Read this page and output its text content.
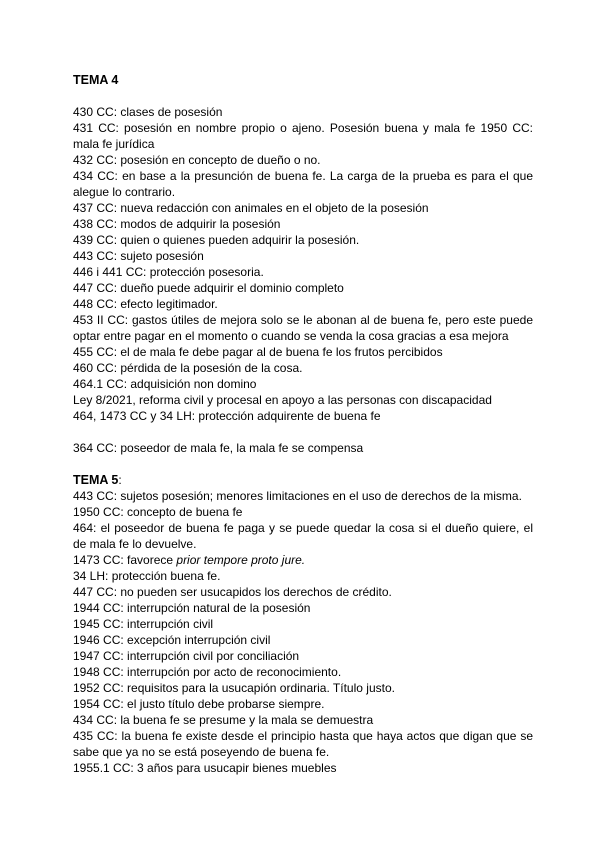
TEMA 4
430 CC: clases de posesión
431 CC: posesión en nombre propio o ajeno. Posesión buena y mala fe 1950 CC: mala fe jurídica
432 CC: posesión en concepto de dueño o no.
434 CC: en base a la presunción de buena fe. La carga de la prueba es para el que alegue lo contrario.
437 CC: nueva redacción con animales en el objeto de la posesión
438 CC: modos de adquirir la posesión
439 CC: quien o quienes pueden adquirir la posesión.
443 CC: sujeto posesión
446 i 441 CC: protección posesoria.
447 CC: dueño puede adquirir el dominio completo
448 CC: efecto legitimador.
453 II CC: gastos útiles de mejora solo se le abonan al de buena fe, pero este puede optar entre pagar en el momento o cuando se venda la cosa gracias a esa mejora
455 CC: el de mala fe debe pagar al de buena fe los frutos percibidos
460 CC: pérdida de la posesión de la cosa.
464.1 CC: adquisición non domino
Ley 8/2021, reforma civil y procesal en apoyo a las personas con discapacidad
464, 1473 CC y 34 LH: protección adquirente de buena fe
364 CC: poseedor de mala fe, la mala fe se compensa
TEMA 5:
443 CC: sujetos posesión; menores limitaciones en el uso de derechos de la misma.
1950 CC: concepto de buena fe
464: el poseedor de buena fe paga y se puede quedar la cosa si el dueño quiere, el de mala fe lo devuelve.
1473 CC: favorece prior tempore proto jure.
34 LH: protección buena fe.
447 CC: no pueden ser usucapidos los derechos de crédito.
1944 CC: interrupción natural de la posesión
1945 CC: interrupción civil
1946 CC: excepción interrupción civil
1947 CC: interrupción civil por conciliación
1948 CC: interrupción por acto de reconocimiento.
1952 CC: requisitos para la usucapión ordinaria. Título justo.
1954 CC: el justo título debe probarse siempre.
434 CC: la buena fe se presume y la mala se demuestra
435 CC: la buena fe existe desde el principio hasta que haya actos que digan que se sabe que ya no se está poseyendo de buena fe.
1955.1 CC: 3 años para usucapir bienes muebles
